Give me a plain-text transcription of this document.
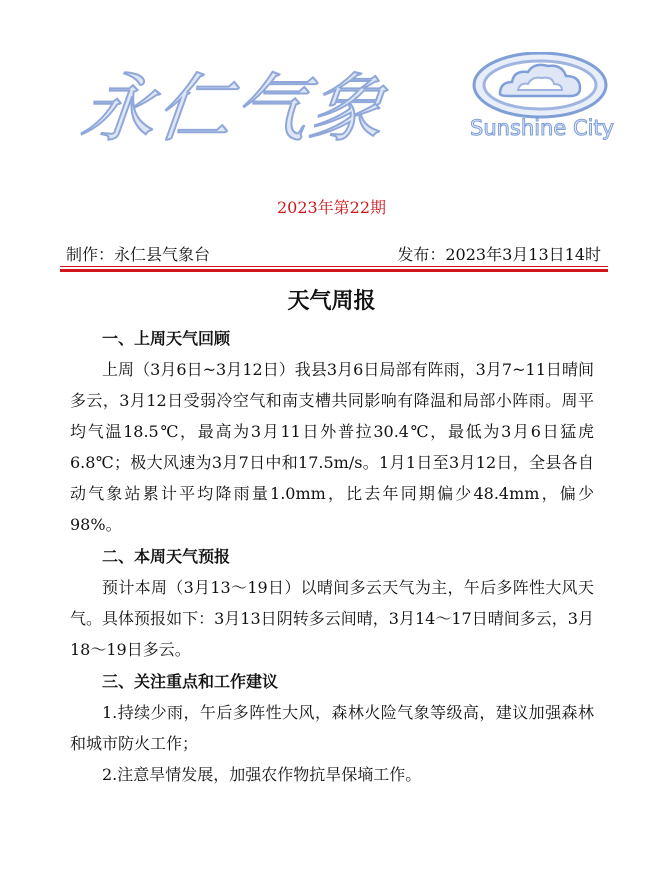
永仁气象	Sunshine City
2023年第22期
制作：永仁县气象台	发布：2023年3月13日14时
天气周报
一、上周天气回顾

上周（3月6日~3月12日）我县3月6日局部有阵雨，3月7~11日晴间多云，3月12日受弱冷空气和南支槽共同影响有降温和局部小阵雨。周平均气温18.5℃，最高为3月11日外普拉30.4℃，最低为3月6日猛虎6.8℃；极大风速为3月7日中和17.5m/s。1月1日至3月12日，全县各自动气象站累计平均降雨量1.0mm，比去年同期偏少48.4mm，偏少98%。

二、本周天气预报

预计本周（3月13～19日）以晴间多云天气为主，午后多阵性大风天气。具体预报如下：3月13日阴转多云间晴，3月14～17日晴间多云，3月18～19日多云。

三、关注重点和工作建议

1.持续少雨，午后多阵性大风，森林火险气象等级高，建议加强森林和城市防火工作；

2.注意旱情发展，加强农作物抗旱保墒工作。
